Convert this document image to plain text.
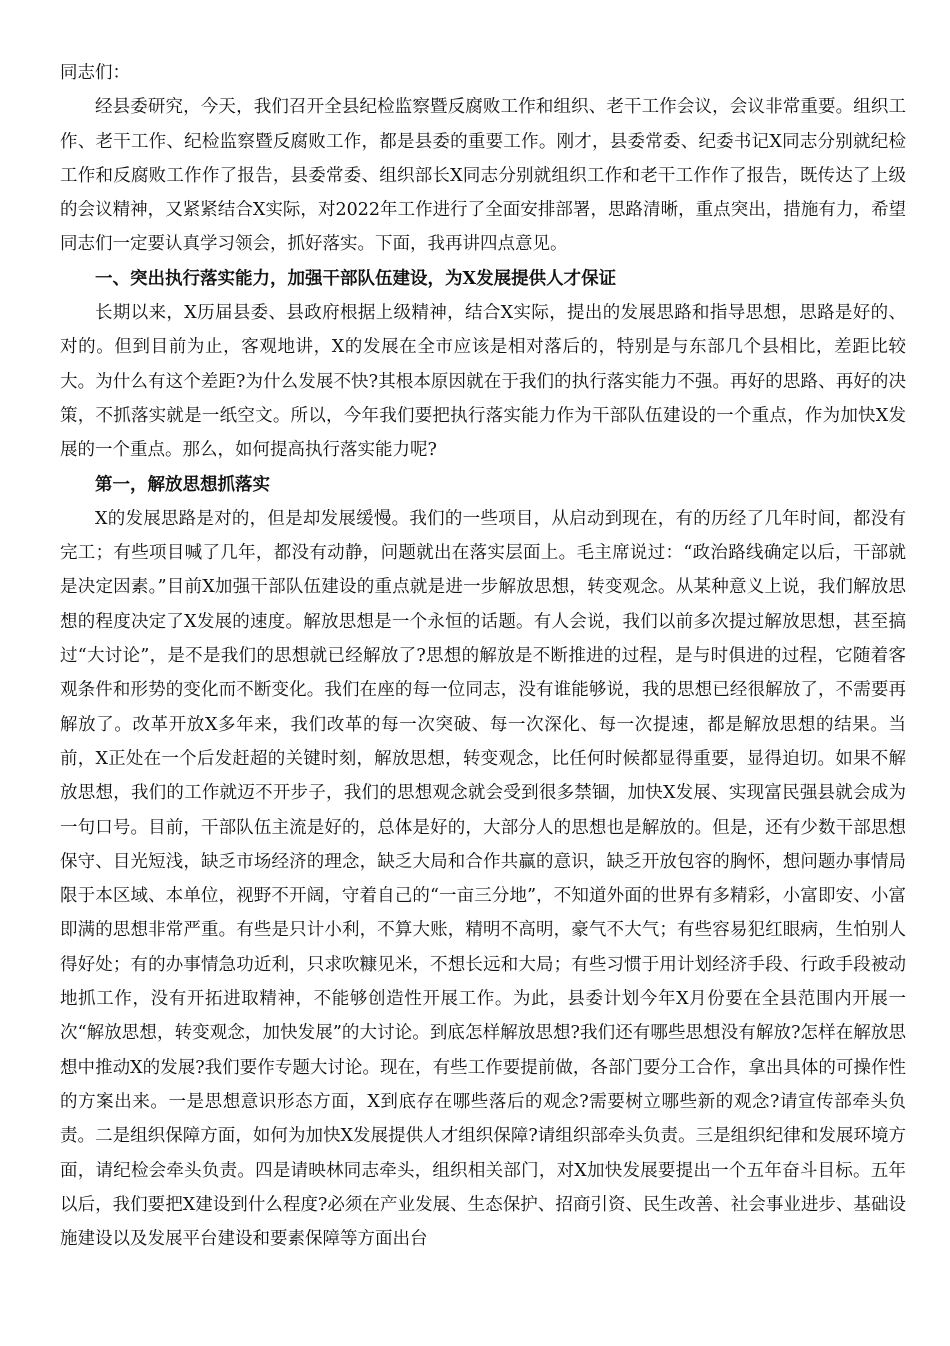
同志们：

经县委研究，今天，我们召开全县纪检监察暨反腐败工作和组织、老干工作会议，会议非常重要。组织工作、老干工作、纪检监察暨反腐败工作，都是县委的重要工作。刚才，县委常委、纪委书记X同志分别就纪检工作和反腐败工作作了报告，县委常委、组织部长X同志分别就组织工作和老干工作作了报告，既传达了上级的会议精神，又紧紧结合X实际，对2022年工作进行了全面安排部署，思路清晰，重点突出，措施有力，希望同志们一定要认真学习领会，抓好落实。下面，我再讲四点意见。

一、突出执行落实能力，加强干部队伍建设，为X发展提供人才保证

长期以来，X历届县委、县政府根据上级精神，结合X实际，提出的发展思路和指导思想，思路是好的、对的。但到目前为止，客观地讲，X的发展在全市应该是相对落后的，特别是与东部几个县相比，差距比较大。为什么有这个差距?为什么发展不快?其根本原因就在于我们的执行落实能力不强。再好的思路、再好的决策，不抓落实就是一纸空文。所以，今年我们要把执行落实能力作为干部队伍建设的一个重点，作为加快X发展的一个重点。那么，如何提高执行落实能力呢?

第一，解放思想抓落实

X的发展思路是对的，但是却发展缓慢。我们的一些项目，从启动到现在，有的历经了几年时间，都没有完工；有些项目喊了几年，都没有动静，问题就出在落实层面上。毛主席说过：“政治路线确定以后，干部就是决定因素。”目前X加强干部队伍建设的重点就是进一步解放思想，转变观念。从某种意义上说，我们解放思想的程度决定了X发展的速度。解放思想是一个永恒的话题。有人会说，我们以前多次提过解放思想，甚至搞过“大讨论”，是不是我们的思想就已经解放了?思想的解放是不断推进的过程，是与时俱进的过程，它随着客观条件和形势的变化而不断变化。我们在座的每一位同志，没有谁能够说，我的思想已经很解放了，不需要再解放了。改革开放X多年来，我们改革的每一次突破、每一次深化、每一次提速，都是解放思想的结果。当前，X正处在一个后发赶超的关键时刻，解放思想，转变观念，比任何时候都显得重要，显得迫切。如果不解放思想，我们的工作就迈不开步子，我们的思想观念就会受到很多禁锢，加快X发展、实现富民强县就会成为一句口号。目前，干部队伍主流是好的，总体是好的，大部分人的思想也是解放的。但是，还有少数干部思想保守、目光短浅，缺乏市场经济的理念，缺乏大局和合作共赢的意识，缺乏开放包容的胸怀，想问题办事情局限于本区域、本单位，视野不开阔，守着自己的“一亩三分地”，不知道外面的世界有多精彩，小富即安、小富即满的思想非常严重。有些是只计小利，不算大账，精明不高明，豪气不大气；有些容易犯红眼病，生怕别人得好处；有的办事情急功近利，只求吹糠见米，不想长远和大局；有些习惯于用计划经济手段、行政手段被动地抓工作，没有开拓进取精神，不能够创造性开展工作。为此，县委计划今年X月份要在全县范围内开展一次“解放思想，转变观念，加快发展”的大讨论。到底怎样解放思想?我们还有哪些思想没有解放?怎样在解放思想中推动X的发展?我们要作专题大讨论。现在，有些工作要提前做，各部门要分工合作，拿出具体的可操作性的方案出来。一是思想意识形态方面，X到底存在哪些落后的观念?需要树立哪些新的观念?请宣传部牵头负责。二是组织保障方面，如何为加快X发展提供人才组织保障?请组织部牵头负责。三是组织纪律和发展环境方面，请纪检会牵头负责。四是请映林同志牵头，组织相关部门，对X加快发展要提出一个五年奋斗目标。五年以后，我们要把X建设到什么程度?必须在产业发展、生态保护、招商引资、民生改善、社会事业进步、基础设施建设以及发展平台建设和要素保障等方面出台
